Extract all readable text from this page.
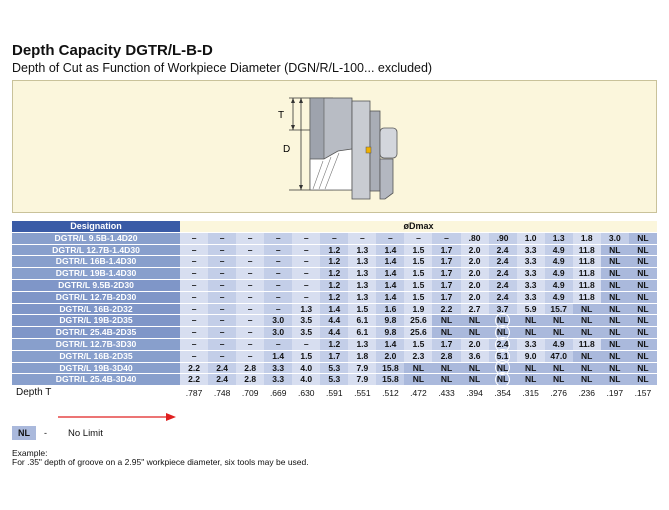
Depth Capacity DGTR/L-B-D
Depth of Cut as Function of Workpiece Diameter (DGN/R/L-100... excluded)
T
D
Designation	øDmax																
DGTR/L 9.5B-1.4D20	–	–	–	–	–	–	–	–	–	–	.80	.90	1.0	1.3	1.8	3.0	NL
DGTR/L 12.7B-1.4D30	–	–	–	–	–	1.2	1.3	1.4	1.5	1.7	2.0	2.4	3.3	4.9	11.8	NL	NL
DGTR/L 16B-1.4D30	–	–	–	–	–	1.2	1.3	1.4	1.5	1.7	2.0	2.4	3.3	4.9	11.8	NL	NL
DGTR/L 19B-1.4D30	–	–	–	–	–	1.2	1.3	1.4	1.5	1.7	2.0	2.4	3.3	4.9	11.8	NL	NL
DGTR/L 9.5B-2D30	–	–	–	–	–	1.2	1.3	1.4	1.5	1.7	2.0	2.4	3.3	4.9	11.8	NL	NL
DGTR/L 12.7B-2D30	–	–	–	–	–	1.2	1.3	1.4	1.5	1.7	2.0	2.4	3.3	4.9	11.8	NL	NL
DGTR/L 16B-2D32	–	–	–	–	1.3	1.4	1.5	1.6	1.9	2.2	2.7	3.7	5.9	15.7	NL	NL	NL
DGTR/L 19B-2D35	–	–	–	3.0	3.5	4.4	6.1	9.8	25.6	NL	NL	NL	NL	NL	NL	NL	NL
DGTR/L 25.4B-2D35	–	–	–	3.0	3.5	4.4	6.1	9.8	25.6	NL	NL	NL	NL	NL	NL	NL	NL
DGTR/L 12.7B-3D30	–	–	–	–	–	1.2	1.3	1.4	1.5	1.7	2.0	2.4	3.3	4.9	11.8	NL	NL
DGTR/L 16B-2D35	–	–	–	1.4	1.5	1.7	1.8	2.0	2.3	2.8	3.6	5.1	9.0	47.0	NL	NL	NL
DGTR/L 19B-3D40	2.2	2.4	2.8	3.3	4.0	5.3	7.9	15.8	NL	NL	NL	NL	NL	NL	NL	NL	NL
DGTR/L 25.4B-3D40	2.2	2.4	2.8	3.3	4.0	5.3	7.9	15.8	NL	NL	NL	NL	NL	NL	NL	NL	NL
Depth T	.787	.748	.709	.669	.630	.591	.551	.512	.472	.433	.394	.354	.315	.276	.236	.197	.157
NL	- No Limit
Example:
For .35" depth of groove on a 2.95" workpiece diameter, six tools may be used.
